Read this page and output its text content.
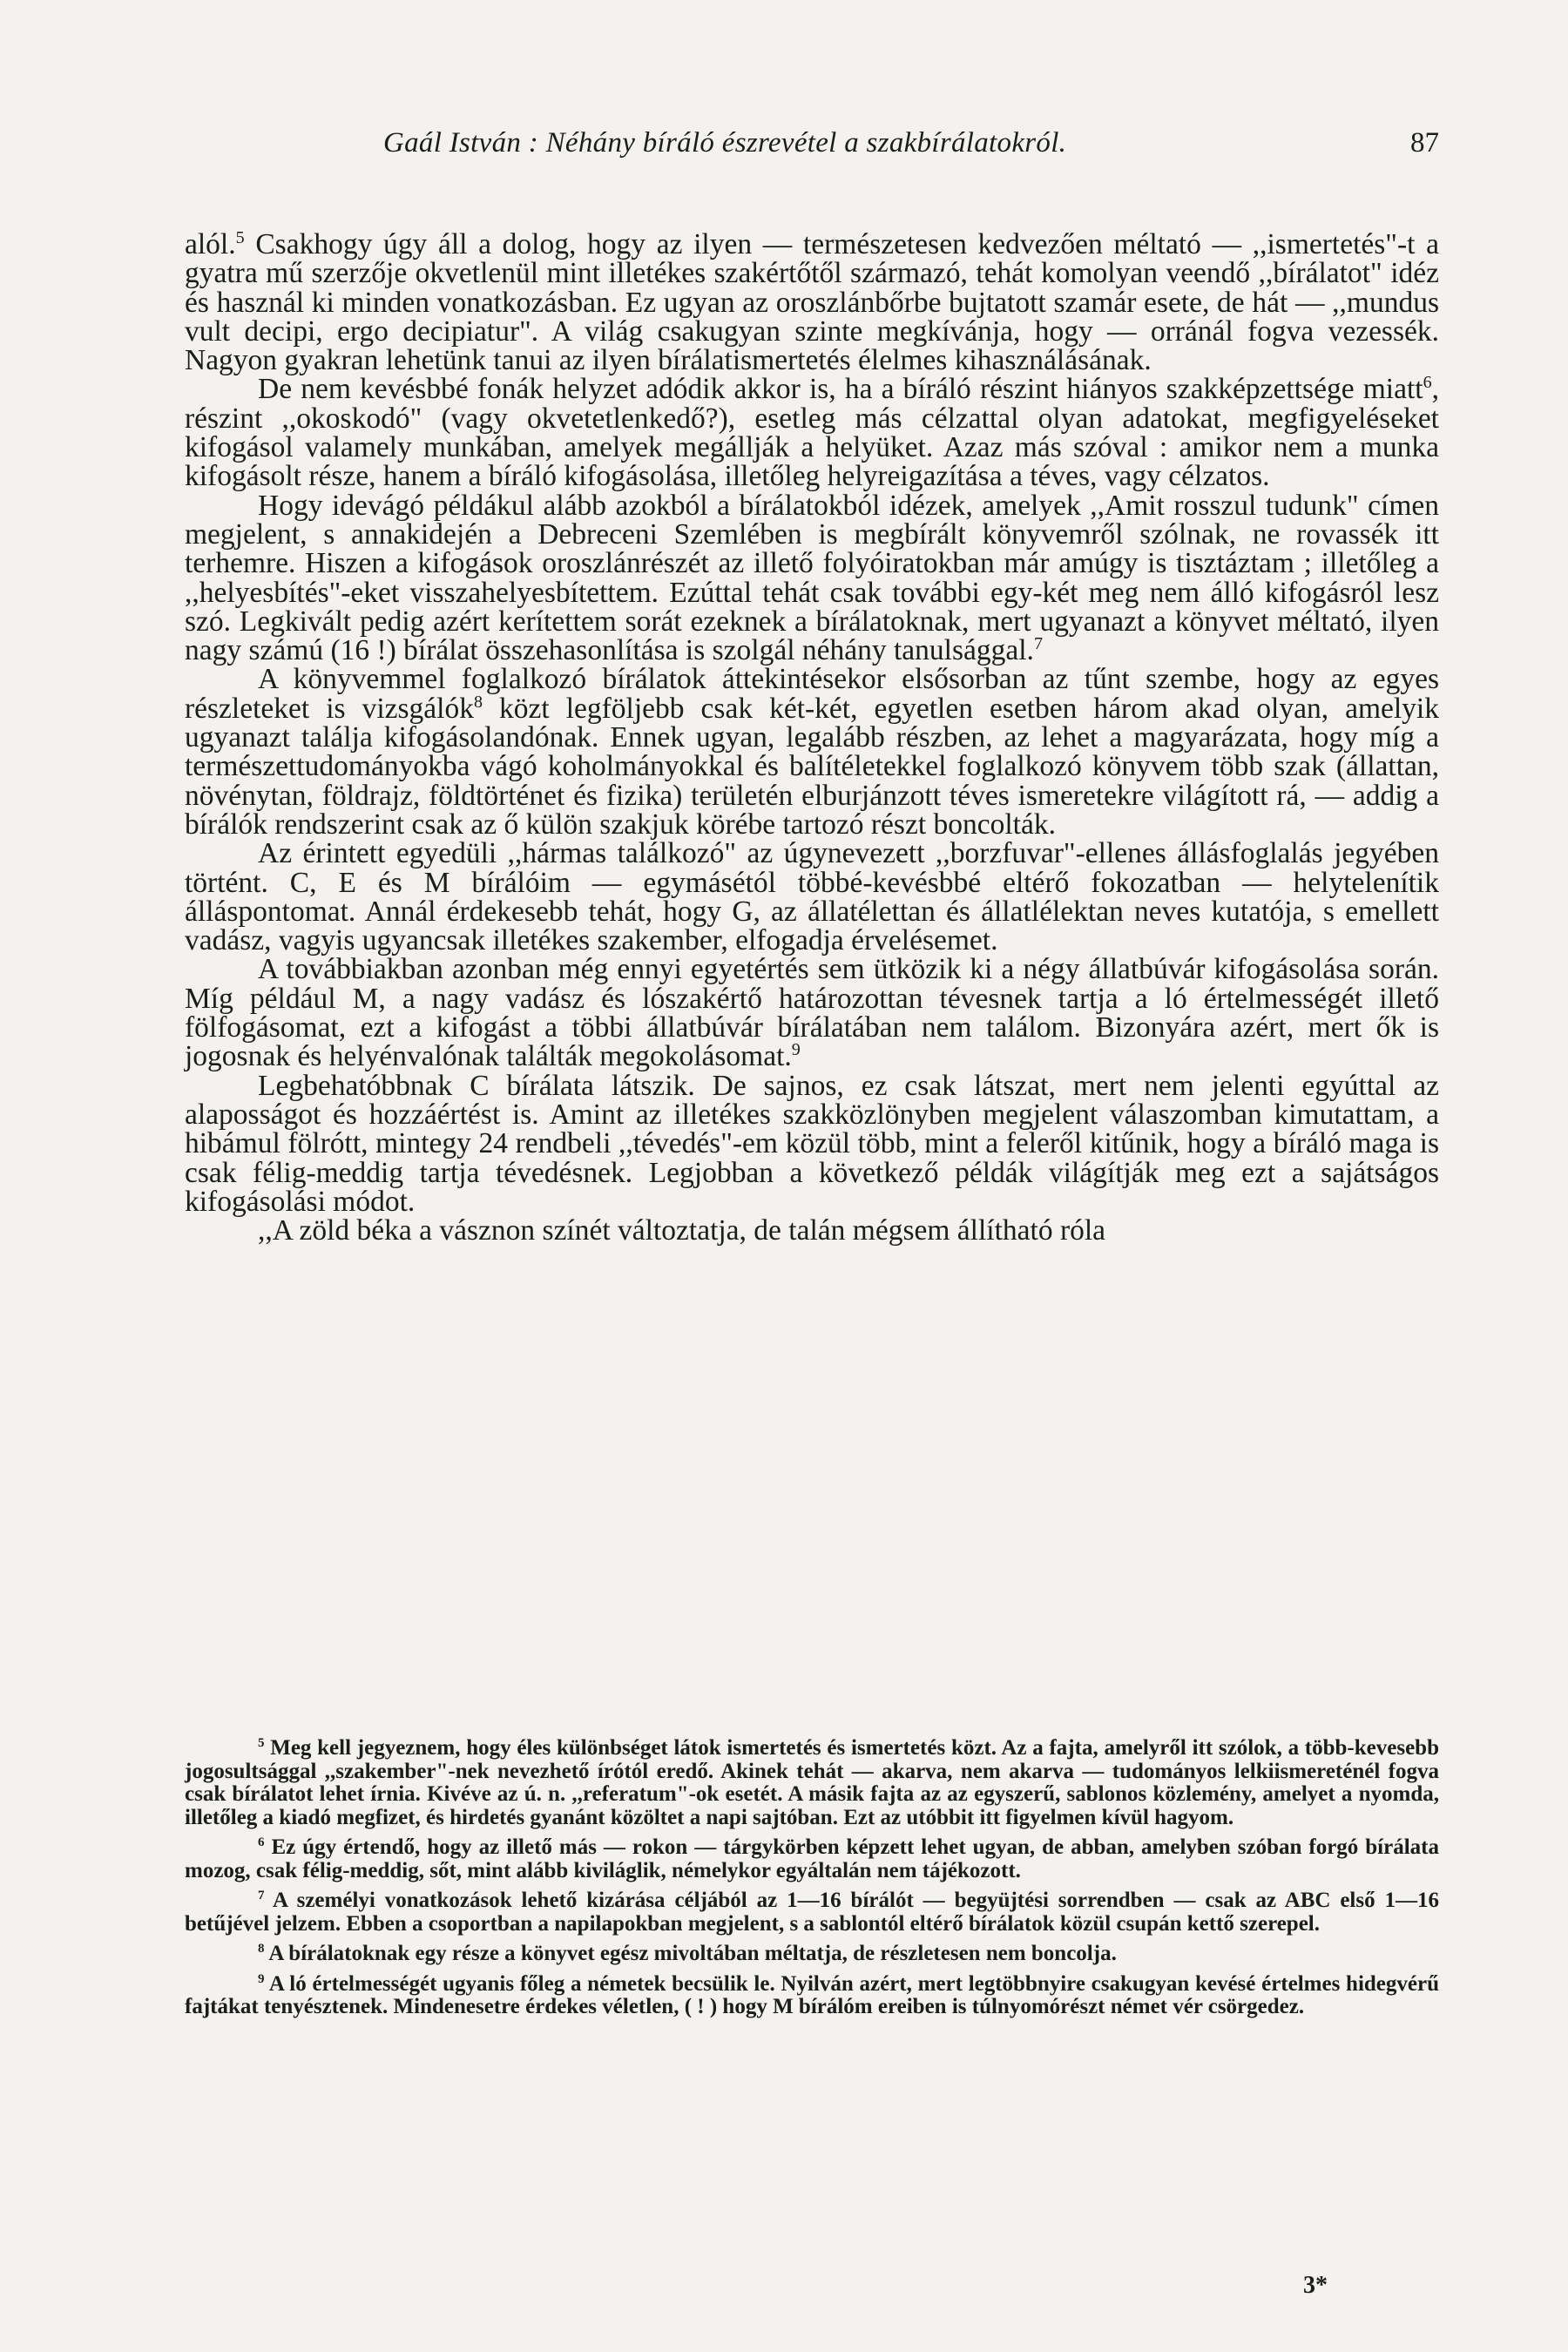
Gaál István : Néhány bíráló észrevétel a szakbírálatokról.	87

alól.$^5$ Csakhogy úgy áll a dolog, hogy az ilyen — természetesen kedvezően méltató — ,,ismertetés"-t a gyatra mű szerzője okvetlenül mint illetékes szakértőtől származó, tehát komolyan veendő ,,bírálatot" idéz és használ ki minden vonatkozásban. Ez ugyan az oroszlánbőrbe bujtatott szamár esete, de hát — ,,mundus vult decipi, ergo decipiatur". A világ csakugyan szinte megkívánja, hogy — orránál fogva vezessék. Nagyon gyakran lehetünk tanui az ilyen bírálatismertetés élelmes kihasználásának.

De nem kevésbbé fonák helyzet adódik akkor is, ha a bíráló részint hiányos szakképzettsége miatt$^6$, részint ,,okoskodó" (vagy okvetetlenkedő?), esetleg más célzattal olyan adatokat, megfigyeléseket kifogásol valamely munkában, amelyek megállják a helyüket. Azaz más szóval : amikor nem a munka kifogásolt része, hanem a bíráló kifogásolása, illetőleg helyreigazítása a téves, vagy célzatos.

Hogy idevágó példákul alább azokból a bírálatokból idézek, amelyek ,,Amit rosszul tudunk" címen megjelent, s annakidején a Debreceni Szemlében is megbírált könyvemről szólnak, ne rovassék itt terhemre. Hiszen a kifogások oroszlánrészét az illető folyóiratokban már amúgy is tisztáztam ; illetőleg a ,,helyesbítés"-eket visszahelyesbítettem. Ezúttal tehát csak további egy-két meg nem álló kifogásról lesz szó. Legkivált pedig azért kerítettem sorát ezeknek a bírálatoknak, mert ugyanazt a könyvet méltató, ilyen nagy számú (16 !) bírálat összehasonlítása is szolgál néhány tanulsággal.$^7$

A könyvemmel foglalkozó bírálatok áttekintésekor elsősorban az tűnt szembe, hogy az egyes részleteket is vizsgálók$^8$ közt legföljebb csak két-két, egyetlen esetben három akad olyan, amelyik ugyanazt találja kifogásolandónak. Ennek ugyan, legalább részben, az lehet a magyarázata, hogy míg a természettudományokba vágó koholmányokkal és balítéletekkel foglalkozó könyvem több szak (állattan, növénytan, földrajz, földtörténet és fizika) területén elburjánzott téves ismeretekre világított rá, — addig a bírálók rendszerint csak az ő külön szakjuk körébe tartozó részt boncolták.

Az érintett egyedüli ,,hármas találkozó" az úgynevezett ,,borzfuvar"-ellenes állásfoglalás jegyében történt. C, E és M bírálóim — egymásétól többé-kevésbbé eltérő fokozatban — helytelenítik álláspontomat. Annál érdekesebb tehát, hogy G, az állatélettan és állatlélektan neves kutatója, s emellett vadász, vagyis ugyancsak illetékes szakember, elfogadja érvelésemet.

A továbbiakban azonban még ennyi egyetértés sem ütközik ki a négy állatbúvár kifogásolása során. Míg például M, a nagy vadász és lószakértő határozottan tévesnek tartja a ló értelmességét illető fölfogásomat, ezt a kifogást a többi állatbúvár bírálatában nem találom. Bizonyára azért, mert ők is jogosnak és helyénvalónak találták megokolásomat.$^9$

Legbehatóbbnak C bírálata látszik. De sajnos, ez csak látszat, mert nem jelenti egyúttal az alaposságot és hozzáértést is. Amint az illetékes szakközlönyben megjelent válaszomban kimutattam, a hibámul fölrótt, mintegy 24 rendbeli ,,tévedés"-em közül több, mint a feleről kitűnik, hogy a bíráló maga is csak félig-meddig tartja tévedésnek. Legjobban a következő példák világítják meg ezt a sajátságos kifogásolási módot.

,,A zöld béka a vásznon színét változtatja, de talán mégsem állítható róla

$^5$ Meg kell jegyeznem, hogy éles különbséget látok ismertetés és ismertetés közt. Az a fajta, amelyről itt szólok, a több-kevesebb jogosultsággal ,,szakember"-nek nevezhető írótól eredő. Akinek tehát — akarva, nem akarva — tudományos lelkiismereténél fogva csak bírálatot lehet írnia. Kivéve az ú. n. ,,referatum"-ok esetét. A másik fajta az az egyszerű, sablonos közlemény, amelyet a nyomda, illetőleg a kiadó megfizet, és hirdetés gyanánt közöltet a napi sajtóban. Ezt az utóbbit itt figyelmen kívül hagyom.

$^6$ Ez úgy értendő, hogy az illető más — rokon — tárgykörben képzett lehet ugyan, de abban, amelyben szóban forgó bírálata mozog, csak félig-meddig, sőt, mint alább kiviláglik, némelykor egyáltalán nem tájékozott.

$^7$ A személyi vonatkozások lehető kizárása céljából az 1—16 bírálót — begyüjtési sorrendben — csak az ABC első 1—16 betűjével jelzem. Ebben a csoportban a napilapokban megjelent, s a sablontól eltérő bírálatok közül csupán kettő szerepel.

$^8$ A bírálatoknak egy része a könyvet egész mivoltában méltatja, de részletesen nem boncolja.

$^9$ A ló értelmességét ugyanis főleg a németek becsülik le. Nyilván azért, mert legtöbbnyire csakugyan kevésé értelmes hidegvérű fajtákat tenyésztenek. Mindenesetre érdekes véletlen, ( ! ) hogy M bírálóm ereiben is túlnyomórészt német vér csörgedez.

3*
